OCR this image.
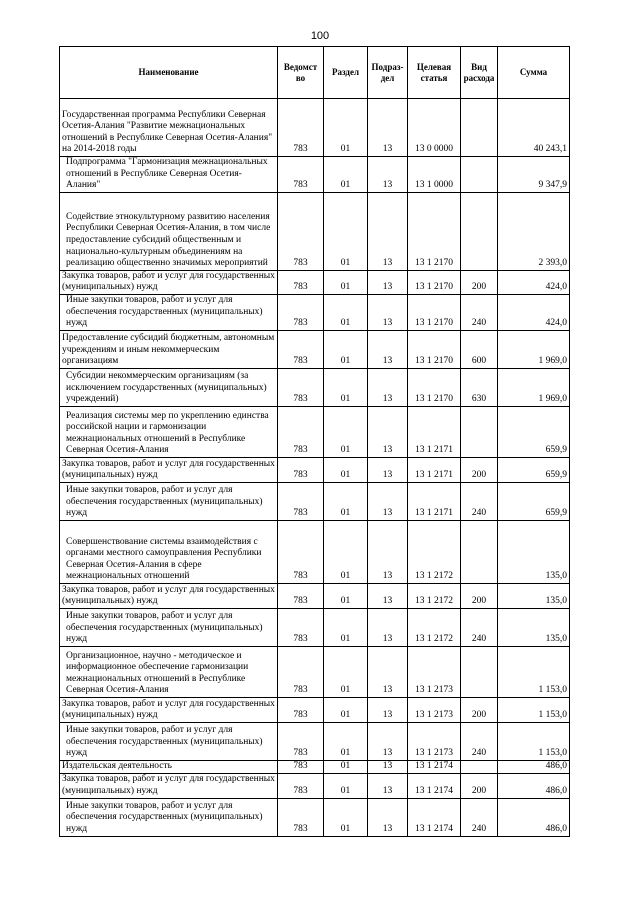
100
Наименование	Ведомст во	Раздел	Подраз- дел	Целевая статья	Вид расхода	Сумма
Государственная программа Республики Северная Осетия-Алания "Развитие межнациональных отношений в Республике Северная Осетия-Алания" на 2014-2018 годы	783	01	13	13 0 0000		40 243,1
Подпрограмма "Гармонизация межнациональных отношений в Республике Северная Осетия-Алания"	783	01	13	13 1 0000		9 347,9
Содействие этнокультурному развитию населения Республики Северная Осетия-Алания, в том числе предоставление субсидий общественным и национально-культурным объединениям на реализацию общественно значимых мероприятий	783	01	13	13 1 2170		2 393,0
Закупка товаров, работ и услуг для государственных (муниципальных) нужд	783	01	13	13 1 2170	200	424,0
Иные закупки товаров, работ и услуг для обеспечения государственных (муниципальных) нужд	783	01	13	13 1 2170	240	424,0
Предоставление субсидий бюджетным, автономным учреждениям и иным некоммерческим организациям	783	01	13	13 1 2170	600	1 969,0
Субсидии некоммерческим организациям (за исключением государственных (муниципальных) учреждений)	783	01	13	13 1 2170	630	1 969,0
Реализация системы мер по укреплению единства российской нации и гармонизации межнациональных отношений в Республике Северная Осетия-Алания	783	01	13	13 1 2171		659,9
Закупка товаров, работ и услуг для государственных (муниципальных) нужд	783	01	13	13 1 2171	200	659,9
Иные закупки товаров, работ и услуг для обеспечения государственных (муниципальных) нужд	783	01	13	13 1 2171	240	659,9
Совершенствование системы взаимодействия с органами местного самоуправления Республики Северная Осетия-Алания в сфере межнациональных отношений	783	01	13	13 1 2172		135,0
Закупка товаров, работ и услуг для государственных (муниципальных) нужд	783	01	13	13 1 2172	200	135,0
Иные закупки товаров, работ и услуг для обеспечения государственных (муниципальных) нужд	783	01	13	13 1 2172	240	135,0
Организационное, научно - методическое и информационное обеспечение гармонизации межнациональных отношений в Республике Северная Осетия-Алания	783	01	13	13 1 2173		1 153,0
Закупка товаров, работ и услуг для государственных (муниципальных) нужд	783	01	13	13 1 2173	200	1 153,0
Иные закупки товаров, работ и услуг для обеспечения государственных (муниципальных) нужд	783	01	13	13 1 2173	240	1 153,0
Издательская деятельность	783	01	13	13 1 2174		486,0
Закупка товаров, работ и услуг для государственных (муниципальных) нужд	783	01	13	13 1 2174	200	486,0
Иные закупки товаров, работ и услуг для обеспечения государственных (муниципальных) нужд	783	01	13	13 1 2174	240	486,0
